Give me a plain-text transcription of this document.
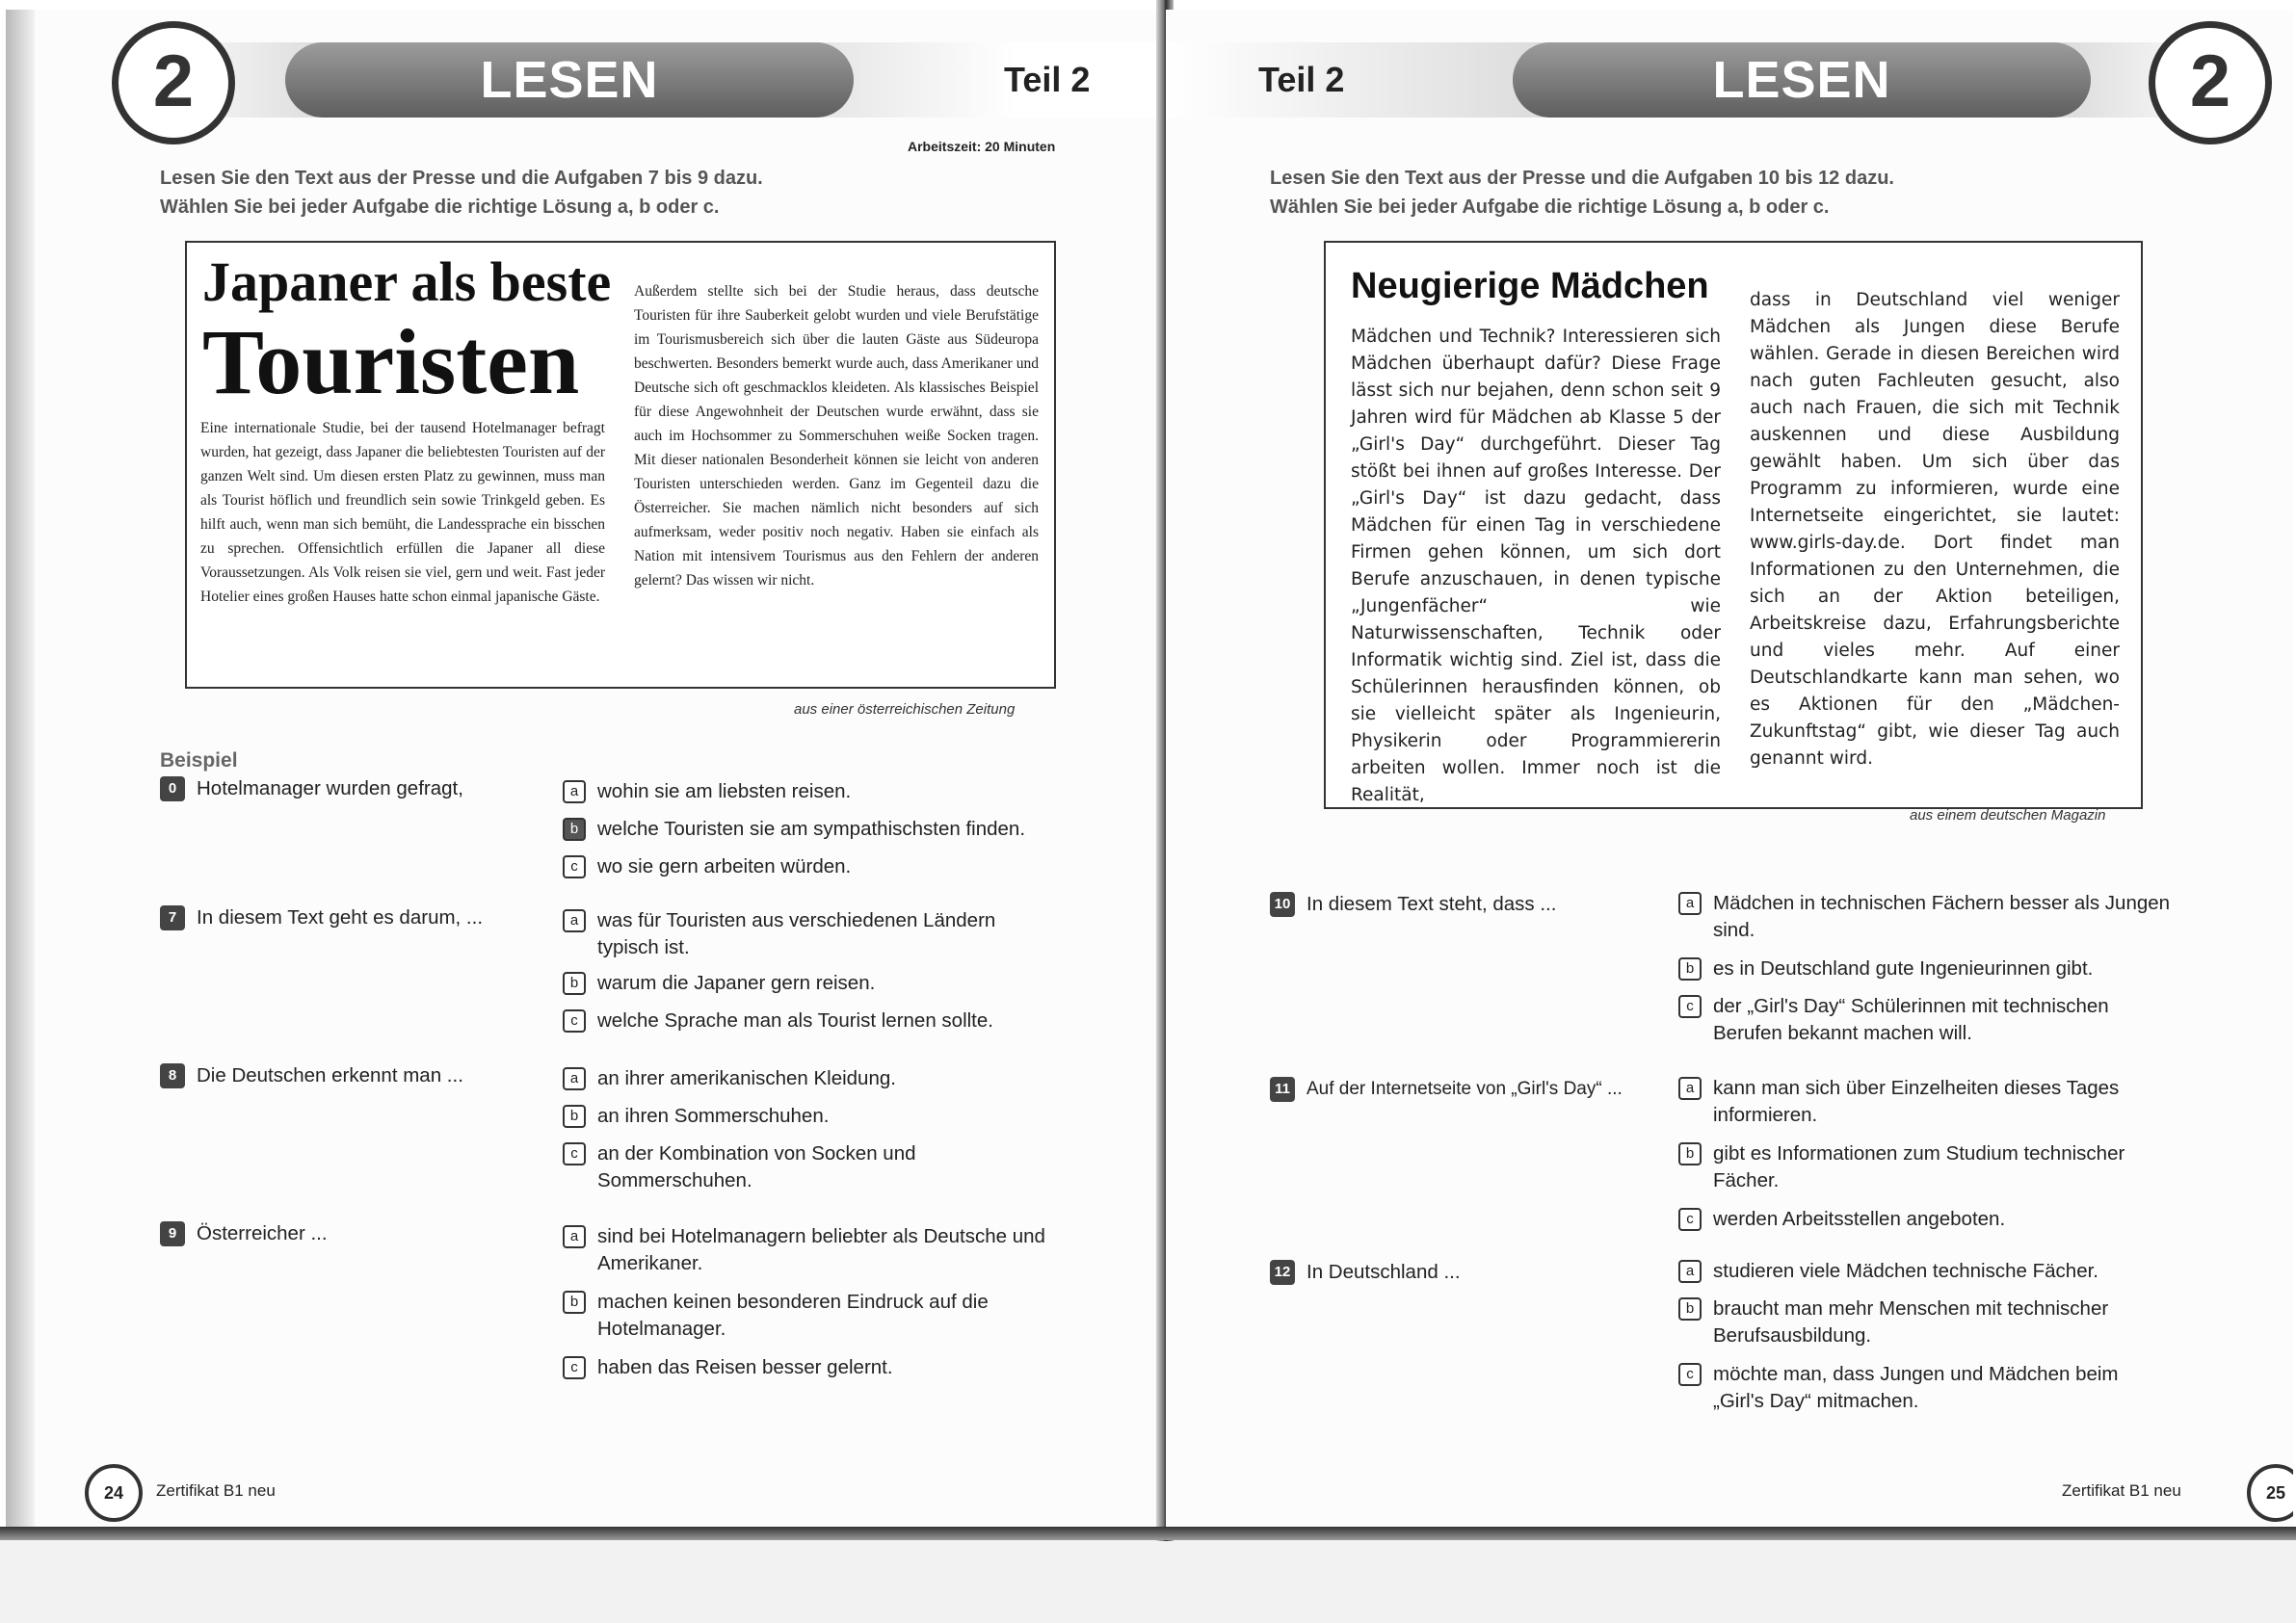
LESEN	Teil 2
2
Arbeitszeit: 20 Minuten
Lesen Sie den Text aus der Presse und die Aufgaben 7 bis 9 dazu.
Wählen Sie bei jeder Aufgabe die richtige Lösung a, b oder c.
Japaner als beste
Touristen
Eine internationale Studie, bei der tausend Hotelmanager befragt wurden, hat gezeigt, dass Japaner die beliebtesten Touristen auf der ganzen Welt sind. Um diesen ersten Platz zu gewinnen, muss man als Tourist höflich und freundlich sein sowie Trinkgeld geben. Es hilft auch, wenn man sich bemüht, die Landessprache ein bisschen zu sprechen. Offensichtlich erfüllen die Japaner all diese Voraussetzungen. Als Volk reisen sie viel, gern und weit. Fast jeder Hotelier eines großen Hauses hatte schon einmal japanische Gäste.
Außerdem stellte sich bei der Studie heraus, dass deutsche Touristen für ihre Sauberkeit gelobt wurden und viele Berufstätige im Tourismusbereich sich über die lauten Gäste aus Südeuropa beschwerten. Besonders bemerkt wurde auch, dass Amerikaner und Deutsche sich oft geschmacklos kleideten. Als klassisches Beispiel für diese Angewohnheit der Deutschen wurde erwähnt, dass sie auch im Hochsommer zu Sommerschuhen weiße Socken tragen. Mit dieser nationalen Besonderheit können sie leicht von anderen Touristen unterschieden werden. Ganz im Gegenteil dazu die Österreicher. Sie machen nämlich nicht besonders auf sich aufmerksam, weder positiv noch negativ. Haben sie einfach als Nation mit intensivem Tourismus aus den Fehlern der anderen gelernt? Das wissen wir nicht.
aus einer österreichischen Zeitung
Beispiel
0	Hotelmanager wurden gefragt,	a wohin sie am liebsten reisen.
b welche Touristen sie am sympathischsten finden.
c wo sie gern arbeiten würden.
7	In diesem Text geht es darum, ...	a was für Touristen aus verschiedenen Ländern typisch ist.
b warum die Japaner gern reisen.
c welche Sprache man als Tourist lernen sollte.
8	Die Deutschen erkennt man ...	a an ihrer amerikanischen Kleidung.
b an ihren Sommerschuhen.
c an der Kombination von Socken und Sommerschuhen.
9	Österreicher ...	a sind bei Hotelmanagern beliebter als Deutsche und Amerikaner.
b machen keinen besonderen Eindruck auf die Hotelmanager.
c haben das Reisen besser gelernt.
24	Zertifikat B1 neu
LESEN
Teil 2	2
Lesen Sie den Text aus der Presse und die Aufgaben 10 bis 12 dazu.
Wählen Sie bei jeder Aufgabe die richtige Lösung a, b oder c.
Neugierige Mädchen
Mädchen und Technik? Interessieren sich Mädchen überhaupt dafür? Diese Frage lässt sich nur bejahen, denn schon seit 9 Jahren wird für Mädchen ab Klasse 5 der „Girl's Day“ durchgeführt. Dieser Tag stößt bei ihnen auf großes Interesse. Der „Girl's Day“ ist dazu gedacht, dass Mädchen für einen Tag in verschiedene Firmen gehen können, um sich dort Berufe anzuschauen, in denen typische „Jungenfächer“ wie Naturwissenschaften, Technik oder Informatik wichtig sind. Ziel ist, dass die Schülerinnen herausfinden können, ob sie vielleicht später als Ingenieurin, Physikerin oder Programmiererin arbeiten wollen. Immer noch ist die Realität,
dass in Deutschland viel weniger Mädchen als Jungen diese Berufe wählen. Gerade in diesen Bereichen wird nach guten Fachleuten gesucht, also auch nach Frauen, die sich mit Technik auskennen und diese Ausbildung gewählt haben. Um sich über das Programm zu informieren, wurde eine Internetseite eingerichtet, sie lautet: www.girls-day.de. Dort findet man Informationen zu den Unternehmen, die sich an der Aktion beteiligen, Arbeitskreise dazu, Erfahrungsberichte und vieles mehr. Auf einer Deutschlandkarte kann man sehen, wo es Aktionen für den „Mädchen-Zukunftstag“ gibt, wie dieser Tag auch genannt wird.
aus einem deutschen Magazin
10 In diesem Text steht, dass ...	a Mädchen in technischen Fächern besser als Jungen sind.
b es in Deutschland gute Ingenieurinnen gibt.
c der „Girl's Day“ Schülerinnen mit technischen Berufen bekannt machen will.
11 Auf der Internetseite von „Girl's Day“ ...	a kann man sich über Einzelheiten dieses Tages informieren.
b gibt es Informationen zum Studium technischer Fächer.
c werden Arbeitsstellen angeboten.
12 In Deutschland ...	a studieren viele Mädchen technische Fächer.
b braucht man mehr Menschen mit technischer Berufsausbildung.
c möchte man, dass Jungen und Mädchen beim „Girl's Day“ mitmachen.
Zertifikat B1 neu	25
